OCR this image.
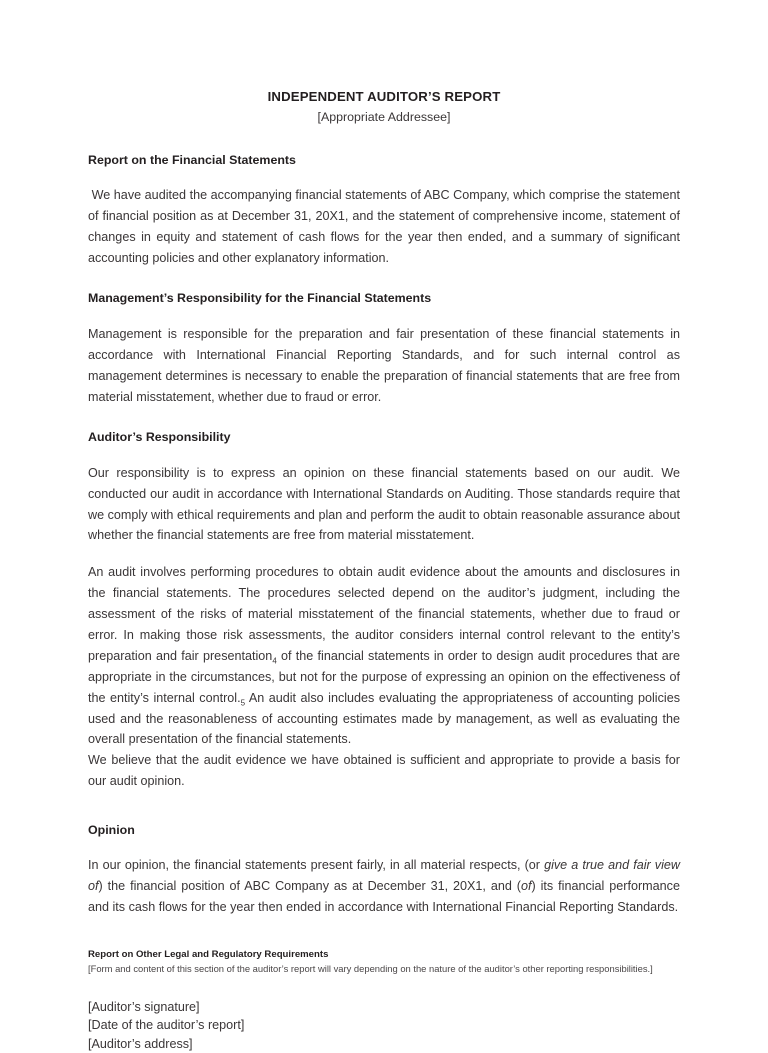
INDEPENDENT AUDITOR’S REPORT
[Appropriate Addressee]
Report on the Financial Statements

We have audited the accompanying financial statements of ABC Company, which comprise the statement of financial position as at December 31, 20X1, and the statement of comprehensive income, statement of changes in equity and statement of cash flows for the year then ended, and a summary of significant accounting policies and other explanatory information.

Management’s Responsibility for the Financial Statements

Management is responsible for the preparation and fair presentation of these financial statements in accordance with International Financial Reporting Standards, and for such internal control as management determines is necessary to enable the preparation of financial statements that are free from material misstatement, whether due to fraud or error.

Auditor’s Responsibility

Our responsibility is to express an opinion on these financial statements based on our audit. We conducted our audit in accordance with International Standards on Auditing. Those standards require that we comply with ethical requirements and plan and perform the audit to obtain reasonable assurance about whether the financial statements are free from material misstatement.

An audit involves performing procedures to obtain audit evidence about the amounts and disclosures in the financial statements. The procedures selected depend on the auditor’s judgment, including the assessment of the risks of material misstatement of the financial statements, whether due to fraud or error. In making those risk assessments, the auditor considers internal control relevant to the entity’s preparation and fair presentation$_4$ of the financial statements in order to design audit procedures that are appropriate in the circumstances, but not for the purpose of expressing an opinion on the effectiveness of the entity’s internal $control._5$ An audit also includes evaluating the appropriateness of accounting policies used and the reasonableness of accounting estimates made by management, as well as evaluating the overall presentation of the financial statements.

We believe that the audit evidence we have obtained is sufficient and appropriate to provide a basis for our audit opinion.

Opinion

In our opinion, the financial statements present fairly, in all material respects, (or give a true and fair view of) the financial position of ABC Company as at December 31, 20X1, and (of) its financial performance and its cash flows for the year then ended in accordance with International Financial Reporting Standards.

Report on Other Legal and Regulatory Requirements

[Form and content of this section of the auditor’s report will vary depending on the nature of the auditor’s other reporting responsibilities.]

[Auditor’s signature]

[Date of the auditor’s report]

[Auditor’s address]
